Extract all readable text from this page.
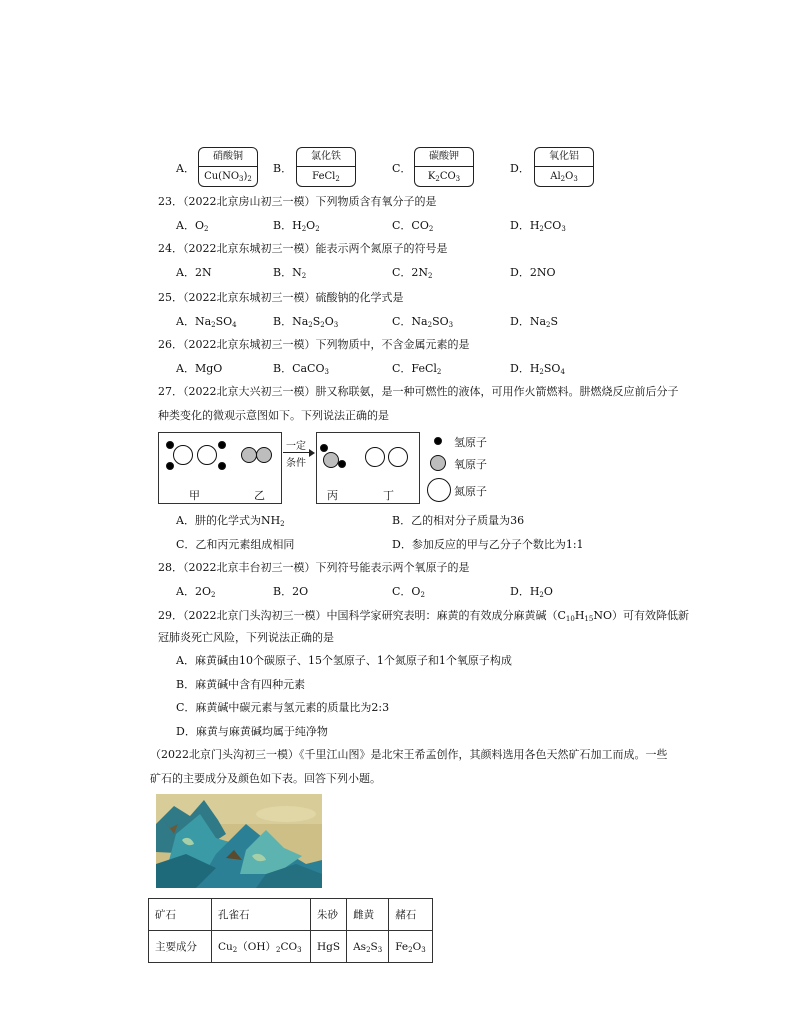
A．
硝酸铜
$Cu(NO_3)_2$
B．
氯化铁
FeCl$_2$
C．
碳酸钾
$K_2CO_3$
D．
氧化铝
$Al_2O_3$
23．（2022北京房山初三一模）下列物质含有氧分子的是
A．$O_2$	B．$H_2O_2$	C．$CO_2$	D．$H_2CO_3$
24．（2022北京东城初三一模）能表示两个氮原子的符号是
A．2N	B．$N_2$	C．$2N_2$	D．2NO
25．（2022北京东城初三一模）硫酸钠的化学式是
A．$Na_2SO_4$	B．$Na_2S_2O_3$	C．$Na_2SO_3$	D．$Na_2S$
26．（2022北京东城初三一模）下列物质中，不含金属元素的是
A．MgO	B．CaCO$_3$	C．FeCl$_2$	D．$H_2SO_4$
27．（2022北京大兴初三一模）肼又称联氨，是一种可燃性的液体，可用作火箭燃料。肼燃烧反应前后分子
种类变化的微观示意图如下。下列说法正确的是
甲	乙
一定
条件
丙	丁
氢原子
氧原子
氮原子
A．肼的化学式为$NH_2$	B．乙的相对分子质量为36
C．乙和丙元素组成相同	D．参加反应的甲与乙分子个数比为1:1
28．（2022北京丰台初三一模）下列符号能表示两个氧原子的是
A．$2O_2$	B．2O	C．$O_2$	D．$H_2O$
29．（2022北京门头沟初三一模）中国科学家研究表明：麻黄的有效成分麻黄碱$(C_{10}H_{15}NO)$可有效降低新
冠肺炎死亡风险，下列说法正确的是
A．麻黄碱由10个碳原子、15个氢原子、1个氮原子和1个氧原子构成
B．麻黄碱中含有四种元素
C．麻黄碱中碳元素与氢元素的质量比为2:3
D．麻黄与麻黄碱均属于纯净物
（2022北京门头沟初三一模）《千里江山图》是北宋王希孟创作，其颜料选用各色天然矿石加工而成。一些
矿石的主要成分及颜色如下表。回答下列小题。
矿石	孔雀石	朱砂	雌黄	赭石
主要成分	$Cu_2(OH)_2CO_3$	HgS	$As_2S_3$	$Fe_2O_3$
